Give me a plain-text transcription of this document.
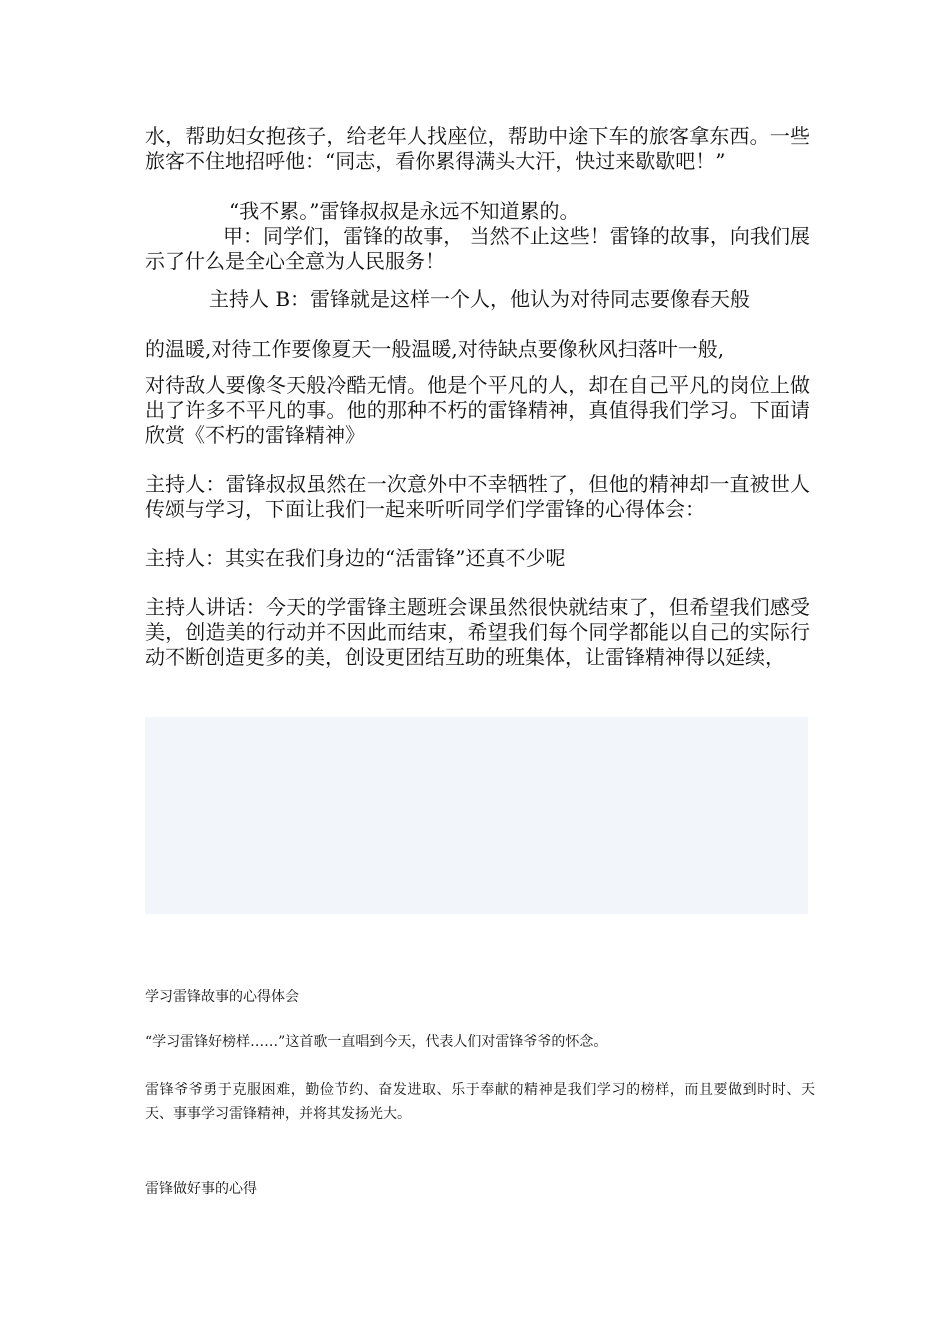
水，帮助妇女抱孩子，给老年人找座位，帮助中途下车的旅客拿东西。一些旅客不住地招呼他：“同志，看你累得满头大汗，快过来歇歇吧！”

“我不累。”雷锋叔叔是永远不知道累的。

甲：同学们，雷锋的故事， 当然不止这些！雷锋的故事，向我们展示了什么是全心全意为人民服务！

主持人 B：雷锋就是这样一个人，他认为对待同志要像春天般

的温暖,对待工作要像夏天一般温暖,对待缺点要像秋风扫落叶一般,

对待敌人要像冬天般冷酷无情。他是个平凡的人，却在自己平凡的岗位上做出了许多不平凡的事。他的那种不朽的雷锋精神，真值得我们学习。下面请欣赏《不朽的雷锋精神》

主持人：雷锋叔叔虽然在一次意外中不幸牺牲了，但他的精神却一直被世人传颂与学习，下面让我们一起来听听同学们学雷锋的心得体会：

主持人：其实在我们身边的“活雷锋”还真不少呢

主持人讲话：今天的学雷锋主题班会课虽然很快就结束了，但希望我们感受美，创造美的行动并不因此而结束，希望我们每个同学都能以自己的实际行动不断创造更多的美，创设更团结互助的班集体，让雷锋精神得以延续，

学习雷锋故事的心得体会

“学习雷锋好榜样……”这首歌一直唱到今天，代表人们对雷锋爷爷的怀念。

雷锋爷爷勇于克服困难，勤俭节约、奋发进取、乐于奉献的精神是我们学习的榜样，而且要做到时时、天天、事事学习雷锋精神，并将其发扬光大。

雷锋做好事的心得
